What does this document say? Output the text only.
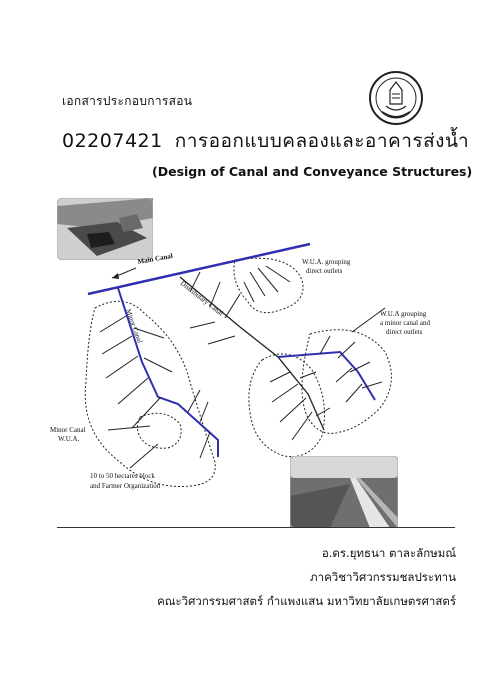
เอกสารประกอบการสอน
02207421 การออกแบบคลองและอาคารส่งน้ำ
(Design of Canal and Conveyance Structures)
Main Canal
Distributary Canal
Minor Canal
W.U.A. grouping
direct outlets
W.U.A grouping
a minor canal and
direct outlets
Minor Canal
W.U.A.
10 to 50 hectares block
and Farmer Organization
อ.ดร.ยุทธนา ตาละลักษมณ์
ภาควิชาวิศวกรรมชลประทาน
คณะวิศวกรรมศาสตร์ กำแพงแสน มหาวิทยาลัยเกษตรศาสตร์
